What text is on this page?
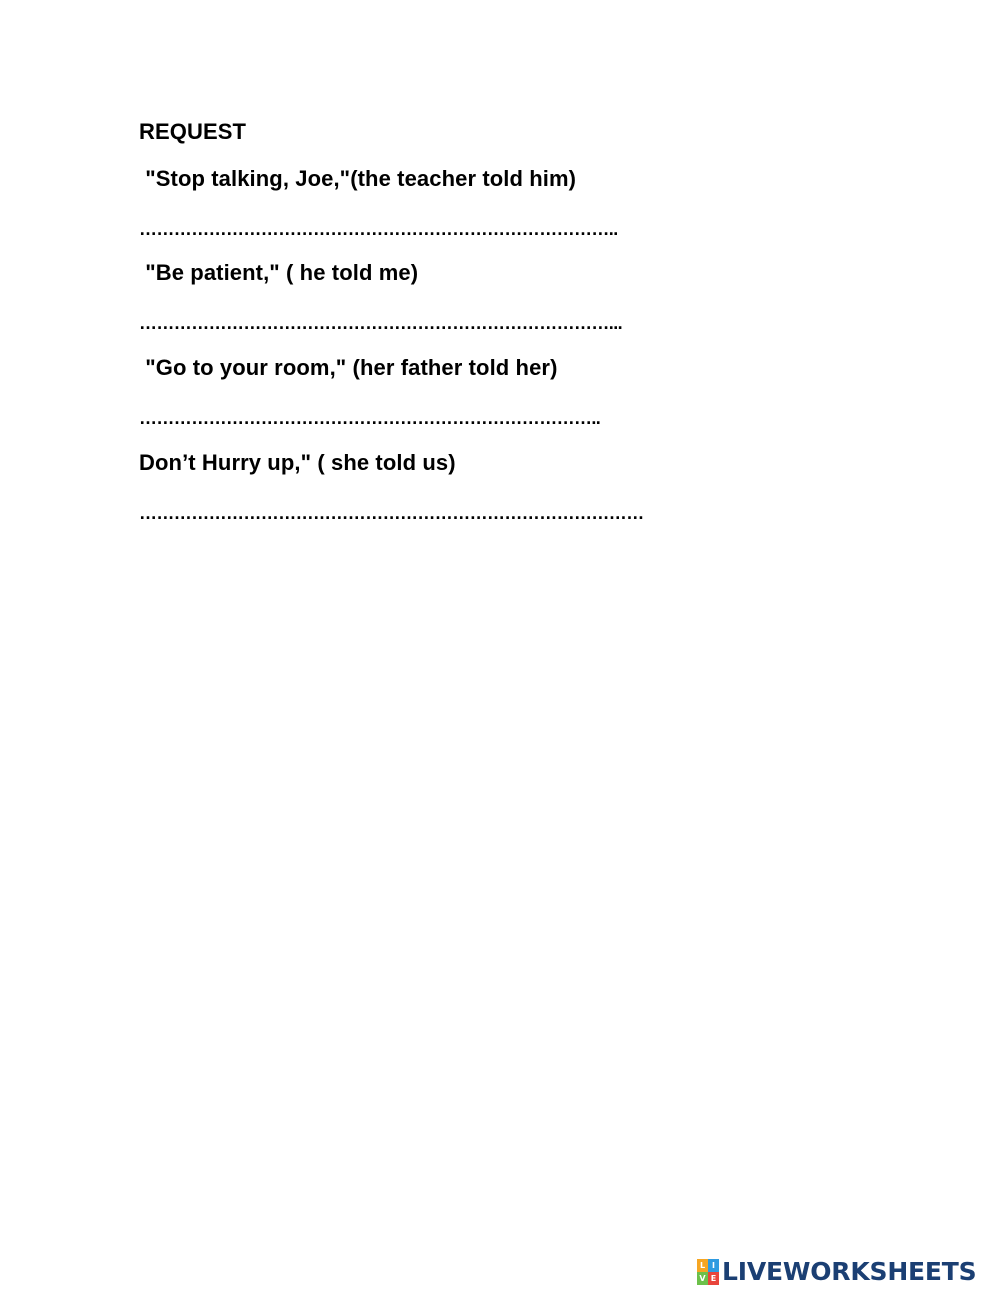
REQUEST
"Stop talking, Joe,"(the teacher told him)
………………………………………………………………………..
"Be patient," ( he told me)
………………………………………………………………………...
"Go to your room," (her father told her)
……………………………………………………………………..
Don’t Hurry up," ( she told us)
……………………………………………………………………………
L I
V E LIVEWORKSHEETS
